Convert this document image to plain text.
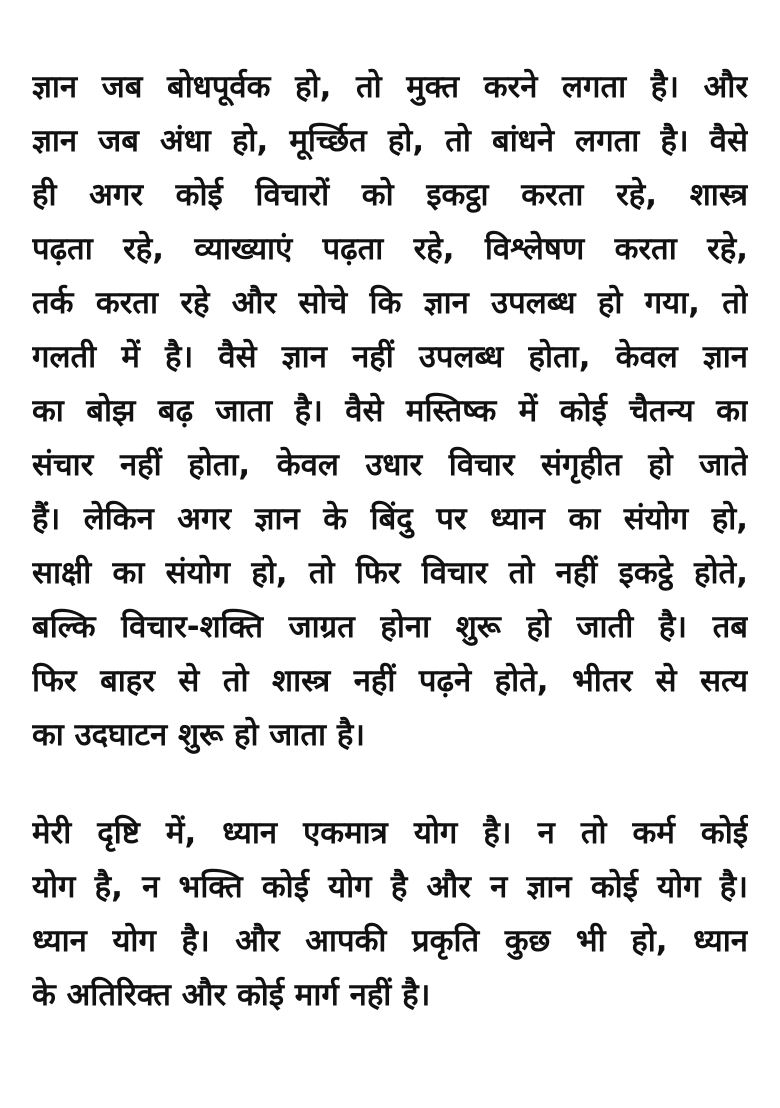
ज्ञान जब बोधपूर्वक हो, तो मुक्त करने लगता है। और
ज्ञान जब अंधा हो, मूर्च्छित हो, तो बांधने लगता है। वैसे
ही अगर कोई विचारों को इकट्ठा करता रहे, शास्त्र
पढ़ता रहे, व्याख्याएं पढ़ता रहे, विश्लेषण करता रहे,
तर्क करता रहे और सोचे कि ज्ञान उपलब्ध हो गया, तो
गलती में है। वैसे ज्ञान नहीं उपलब्ध होता, केवल ज्ञान
का बोझ बढ़ जाता है। वैसे मस्तिष्क में कोई चैतन्य का
संचार नहीं होता, केवल उधार विचार संगृहीत हो जाते
हैं। लेकिन अगर ज्ञान के बिंदु पर ध्यान का संयोग हो,
साक्षी का संयोग हो, तो फिर विचार तो नहीं इकट्ठे होते,
बल्कि विचार-शक्ति जाग्रत होना शुरू हो जाती है। तब
फिर बाहर से तो शास्त्र नहीं पढ़ने होते, भीतर से सत्य
का उदघाटन शुरू हो जाता है।
मेरी दृष्टि में, ध्यान एकमात्र योग है। न तो कर्म कोई
योग है, न भक्ति कोई योग है और न ज्ञान कोई योग है।
ध्यान योग है। और आपकी प्रकृति कुछ भी हो, ध्यान
के अतिरिक्त और कोई मार्ग नहीं है।
